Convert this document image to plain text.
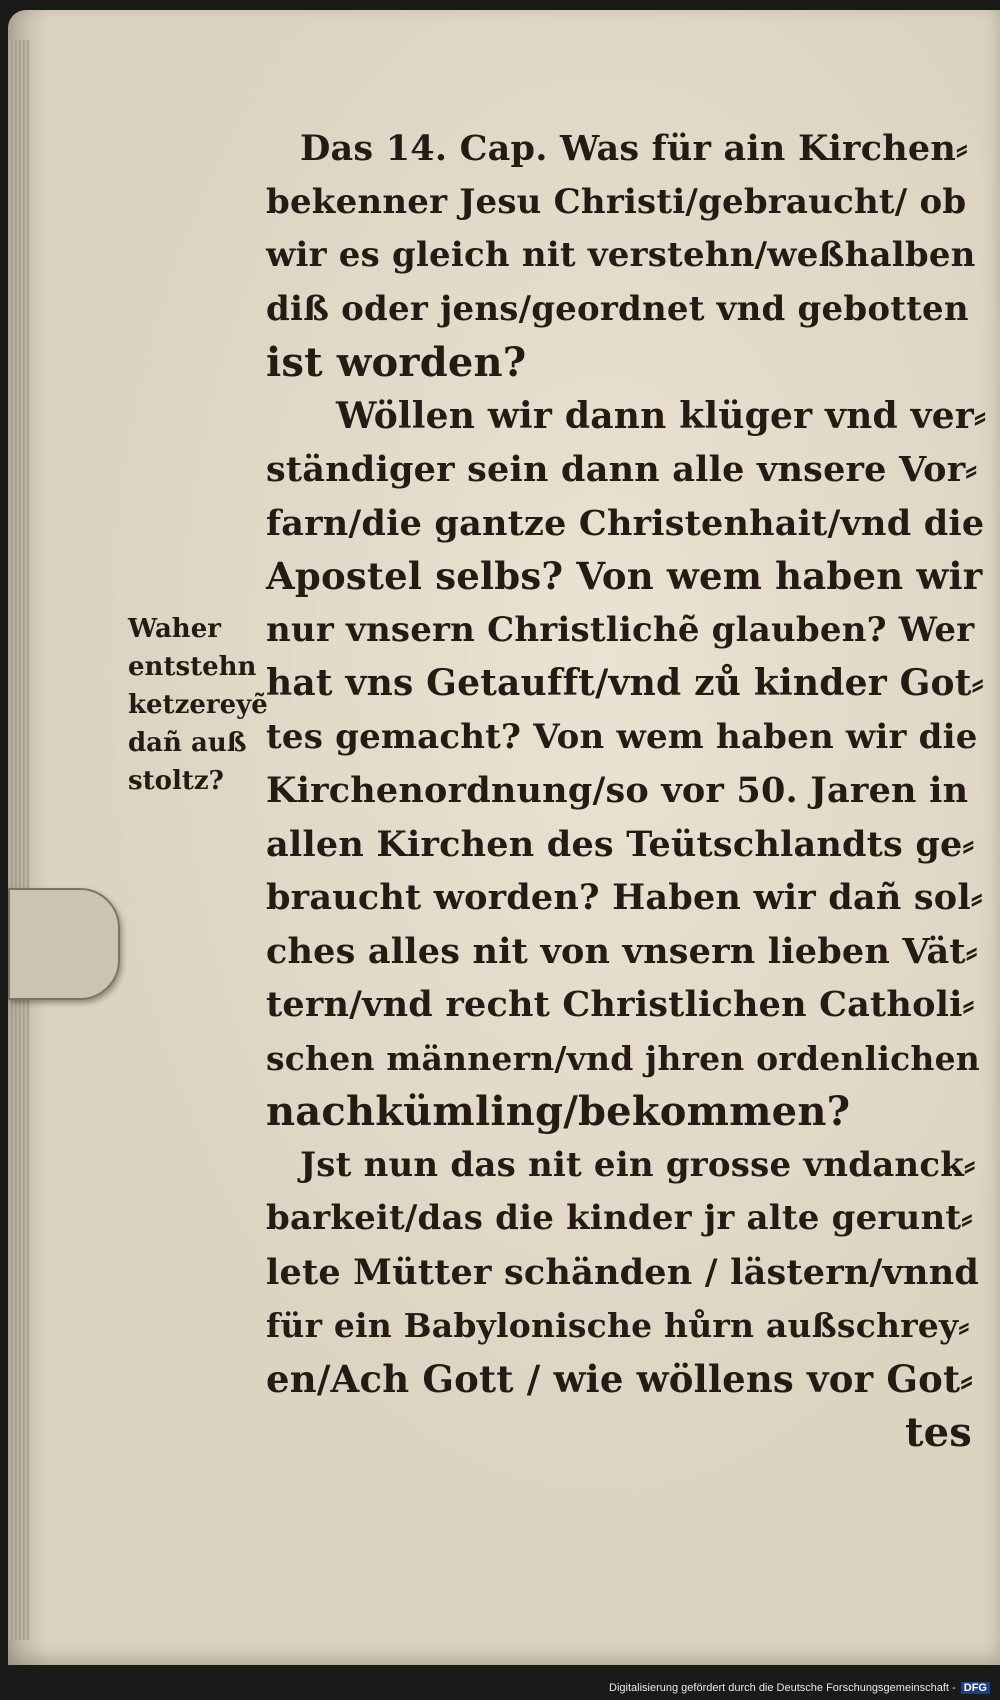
Das 14. Cap. Was für ain Kirchen⸗
bekenner Jesu Christi/gebraucht/ ob
wir es gleich nit verstehn/weßhalben
diß oder jens/geordnet vnd gebotten
ist worden?
Wöllen wir dann klüger vnd ver⸗
ständiger sein dann alle vnsere Vor⸗
farn/die gantze Christenhait/vnd die
Apostel selbs? Von wem haben wir
nur vnsern Christlichẽ glauben? Wer
hat vns Getaufft/vnd zů kinder Got⸗
tes gemacht? Von wem haben wir die
Kirchenordnung/so vor 50. Jaren in
allen Kirchen des Teütschlandts ge⸗
braucht worden? Haben wir dañ sol⸗
ches alles nit von vnsern lieben Vät⸗
tern/vnd recht Christlichen Catholi⸗
schen männern/vnd jhren ordenlichen
nachkümling/bekommen?
Jst nun das nit ein grosse vndanck⸗
barkeit/das die kinder jr alte gerunt⸗
lete Mütter schänden / lästern/vnnd
für ein Babylonische hůrn außschrey⸗
en/Ach Gott / wie wöllens vor Got⸗
tes
Waher
entstehn
ketzereyẽ
dañ auß
stoltz?
Digitalisierung gefördert durch die Deutsche Forschungsgemeinschaft - DFG
